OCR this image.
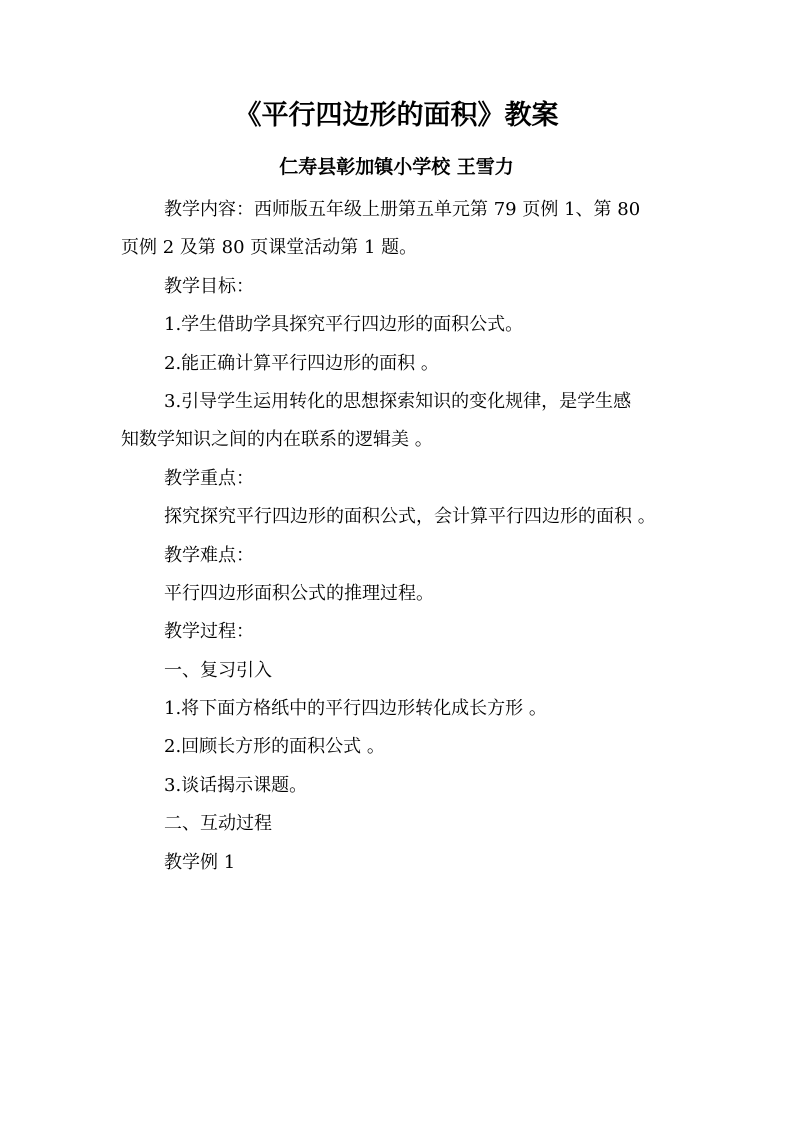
《平行四边形的面积》教案
仁寿县彰加镇小学校 王雪力
教学内容：西师版五年级上册第五单元第 79 页例 1、第 80
页例 2 及第 80 页课堂活动第 1 题。
教学目标：
1.学生借助学具探究平行四边形的面积公式。
2.能正确计算平行四边形的面积 。
3.引导学生运用转化的思想探索知识的变化规律，是学生感
知数学知识之间的内在联系的逻辑美 。
教学重点：
探究探究平行四边形的面积公式，会计算平行四边形的面积 。
教学难点：
平行四边形面积公式的推理过程。
教学过程：
一、复习引入
1.将下面方格纸中的平行四边形转化成长方形 。
2.回顾长方形的面积公式 。
3.谈话揭示课题。
二、互动过程
教学例 1
